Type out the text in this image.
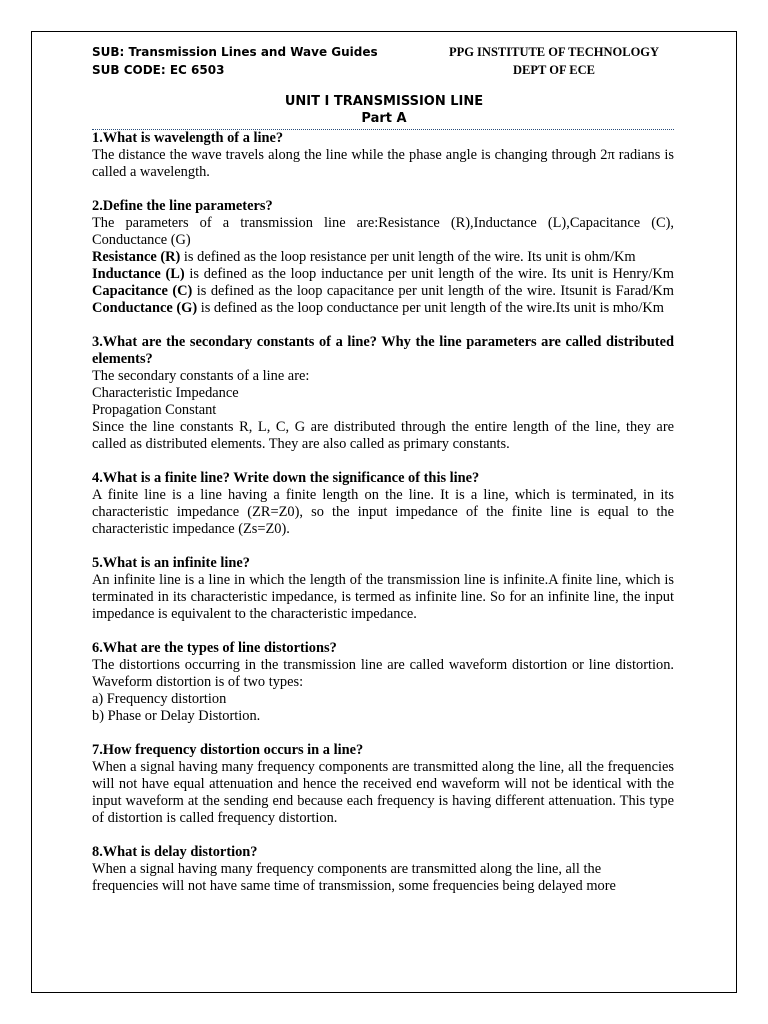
SUB: Transmission Lines and Wave Guides	PPG INSTITUTE OF TECHNOLOGY
SUB CODE: EC 6503	DEPT OF ECE
UNIT I TRANSMISSION LINE
Part A

1.What is wavelength of a line?

The distance the wave travels along the line while the phase angle is changing through 2π radians is called a wavelength.

2.Define the line parameters?

The parameters of a transmission line are:Resistance (R),Inductance (L),Capacitance (C), Conductance (G)

Resistance (R) is defined as the loop resistance per unit length of the wire. Its unit is ohm/Km

Inductance (L) is defined as the loop inductance per unit length of the wire. Its unit is Henry/Km Capacitance (C) is defined as the loop capacitance per unit length of the wire. Itsunit is Farad/Km Conductance (G) is defined as the loop conductance per unit length of the wire.Its unit is mho/Km

3.What are the secondary constants of a line? Why the line parameters are called distributed elements?

The secondary constants of a line are:

Characteristic Impedance

Propagation Constant

Since the line constants R, L, C, G are distributed through the entire length of the line, they are called as distributed elements. They are also called as primary constants.

4.What is a finite line? Write down the significance of this line?

A finite line is a line having a finite length on the line. It is a line, which is terminated, in its characteristic impedance (ZR=Z0), so the input impedance of the finite line is equal to the characteristic impedance (Zs=Z0).

5.What is an infinite line?

An infinite line is a line in which the length of the transmission line is infinite.A finite line, which is terminated in its characteristic impedance, is termed as infinite line. So for an infinite line, the input impedance is equivalent to the characteristic impedance.

6.What are the types of line distortions?

The distortions occurring in the transmission line are called waveform distortion or line distortion. Waveform distortion is of two types:

a) Frequency distortion

b) Phase or Delay Distortion.

7.How frequency distortion occurs in a line?

When a signal having many frequency components are transmitted along the line, all the frequencies will not have equal attenuation and hence the received end waveform will not be identical with the input waveform at the sending end because each frequency is having different attenuation. This type of distortion is called frequency distortion.

8.What is delay distortion?

When a signal having many frequency components are transmitted along the line, all the

frequencies will not have same time of transmission, some frequencies being delayed more
